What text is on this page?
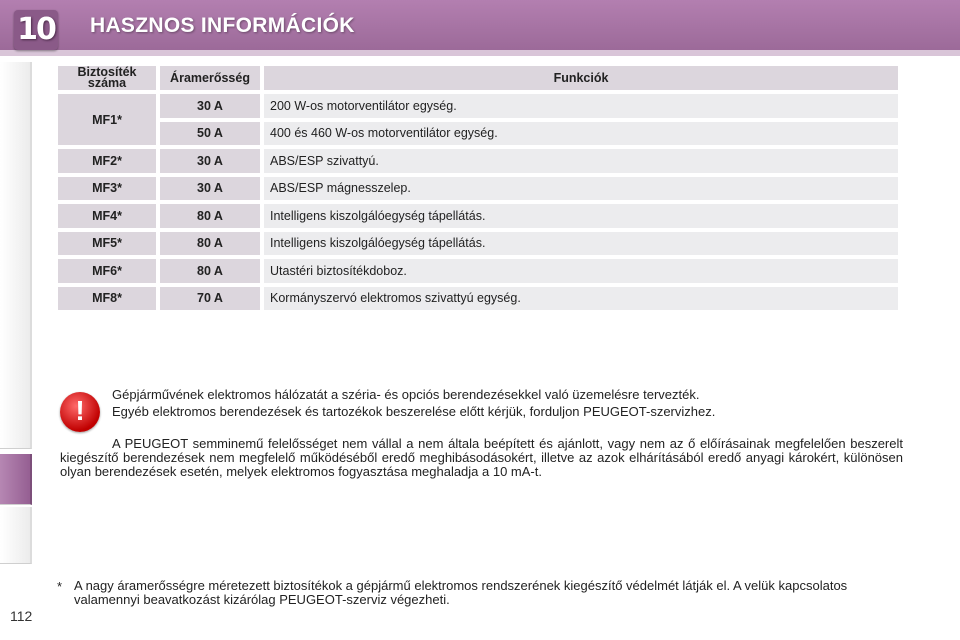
10 HASZNOS INFORMÁCIÓK
Biztosíték száma	Áramerősség	Funkciók
MF1*	30 A	200 W-os motorventilátor egység.
	50 A	400 és 460 W-os motorventilátor egység.
MF2*	30 A	ABS/ESP szivattyú.
MF3*	30 A	ABS/ESP mágnesszelep.
MF4*	80 A	Intelligens kiszolgálóegység tápellátás.
MF5*	80 A	Intelligens kiszolgálóegység tápellátás.
MF6*	80 A	Utastéri biztosítékdoboz.
MF8*	70 A	Kormányszervó elektromos szivattyú egység.
!
Gépjárművének elektromos hálózatát a széria- és opciós berendezésekkel való üzemelésre tervezték.
Egyéb elektromos berendezések és tartozékok beszerelése előtt kérjük, forduljon PEUGEOT-szervizhez.
A PEUGEOT semminemű felelősséget nem vállal a nem általa beépített és ajánlott, vagy nem az ő előírásainak megfelelően beszerelt kiegészítő berendezések nem megfelelő működéséből eredő meghibásodásokért, illetve az azok elhárításából eredő anyagi károkért, különösen olyan berendezések esetén, melyek elektromos fogyasztása meghaladja a 10 mA-t.
* A nagy áramerősségre méretezett biztosítékok a gépjármű elektromos rendszerének kiegészítő védelmét látják el. A velük kapcsolatos valamennyi beavatkozást kizárólag PEUGEOT-szerviz végezheti.
112
